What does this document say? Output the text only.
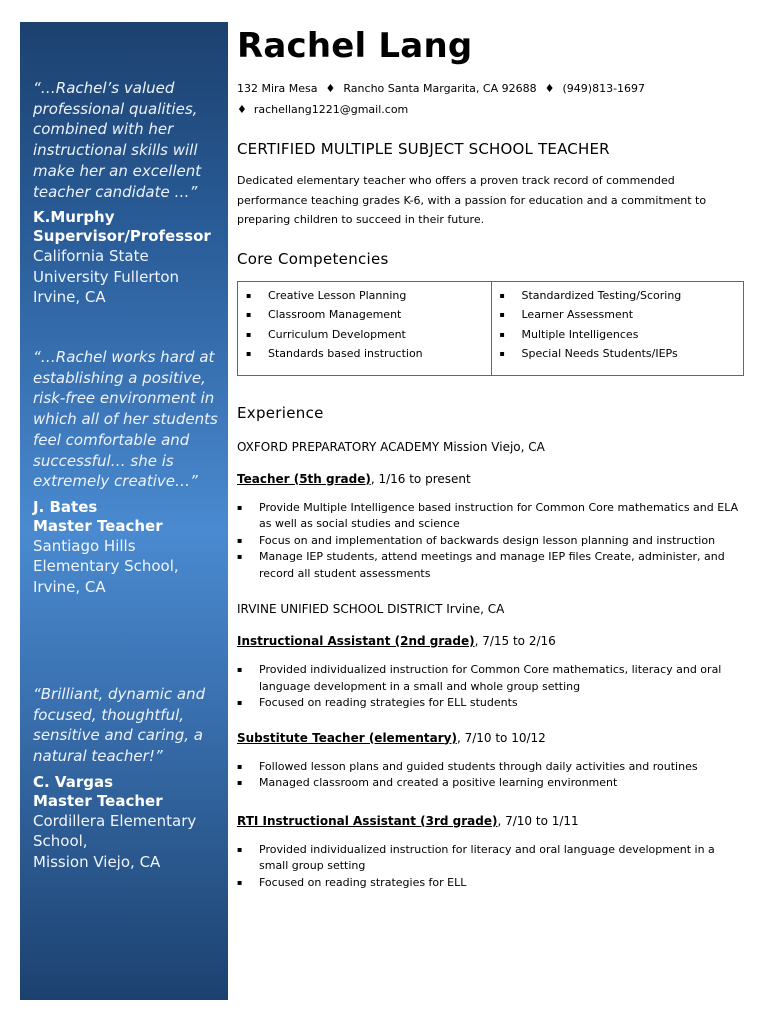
“…Rachel’s valued professional qualities, combined with her instructional skills will make her an excellent teacher candidate …”

K.Murphy
Supervisor/Professor
California State
University Fullerton
Irvine, CA

“…Rachel works hard at establishing a positive, risk-free environment in which all of her students feel comfortable and successful… she is extremely creative…”

J. Bates
Master Teacher
Santiago Hills
Elementary School,
Irvine, CA

“Brilliant, dynamic and focused, thoughtful, sensitive and caring, a natural teacher!”

C. Vargas
Master Teacher
Cordillera Elementary
School,
Mission Viejo, CA
Rachel Lang
132 Mira Mesa ♦ Rancho Santa Margarita, CA 92688 ♦ (949)813-1697
♦ rachellang1221@gmail.com
CERTIFIED MULTIPLE SUBJECT SCHOOL TEACHER
Dedicated elementary teacher who offers a proven track record of commended performance teaching grades K-6, with a passion for education and a commitment to preparing children to succeed in their future.
Core Competencies
▪ Creative Lesson Planning
▪ Classroom Management
▪ Curriculum Development
▪ Standards based instruction
▪ Standardized Testing/Scoring
▪ Learner Assessment
▪ Multiple Intelligences
▪ Special Needs Students/IEPs
Experience
OXFORD PREPARATORY ACADEMY Mission Viejo, CA
Teacher (5th grade), 1/16 to present
▪ Provide Multiple Intelligence based instruction for Common Core mathematics and ELA as well as social studies and science
▪ Focus on and implementation of backwards design lesson planning and instruction
▪ Manage IEP students, attend meetings and manage IEP files Create, administer, and record all student assessments
IRVINE UNIFIED SCHOOL DISTRICT Irvine, CA
Instructional Assistant (2nd grade), 7/15 to 2/16
▪ Provided individualized instruction for Common Core mathematics, literacy and oral language development in a small and whole group setting
▪ Focused on reading strategies for ELL students
Substitute Teacher (elementary), 7/10 to 10/12
▪ Followed lesson plans and guided students through daily activities and routines
▪ Managed classroom and created a positive learning environment
RTI Instructional Assistant (3rd grade), 7/10 to 1/11
▪ Provided individualized instruction for literacy and oral language development in a small group setting
▪ Focused on reading strategies for ELL
